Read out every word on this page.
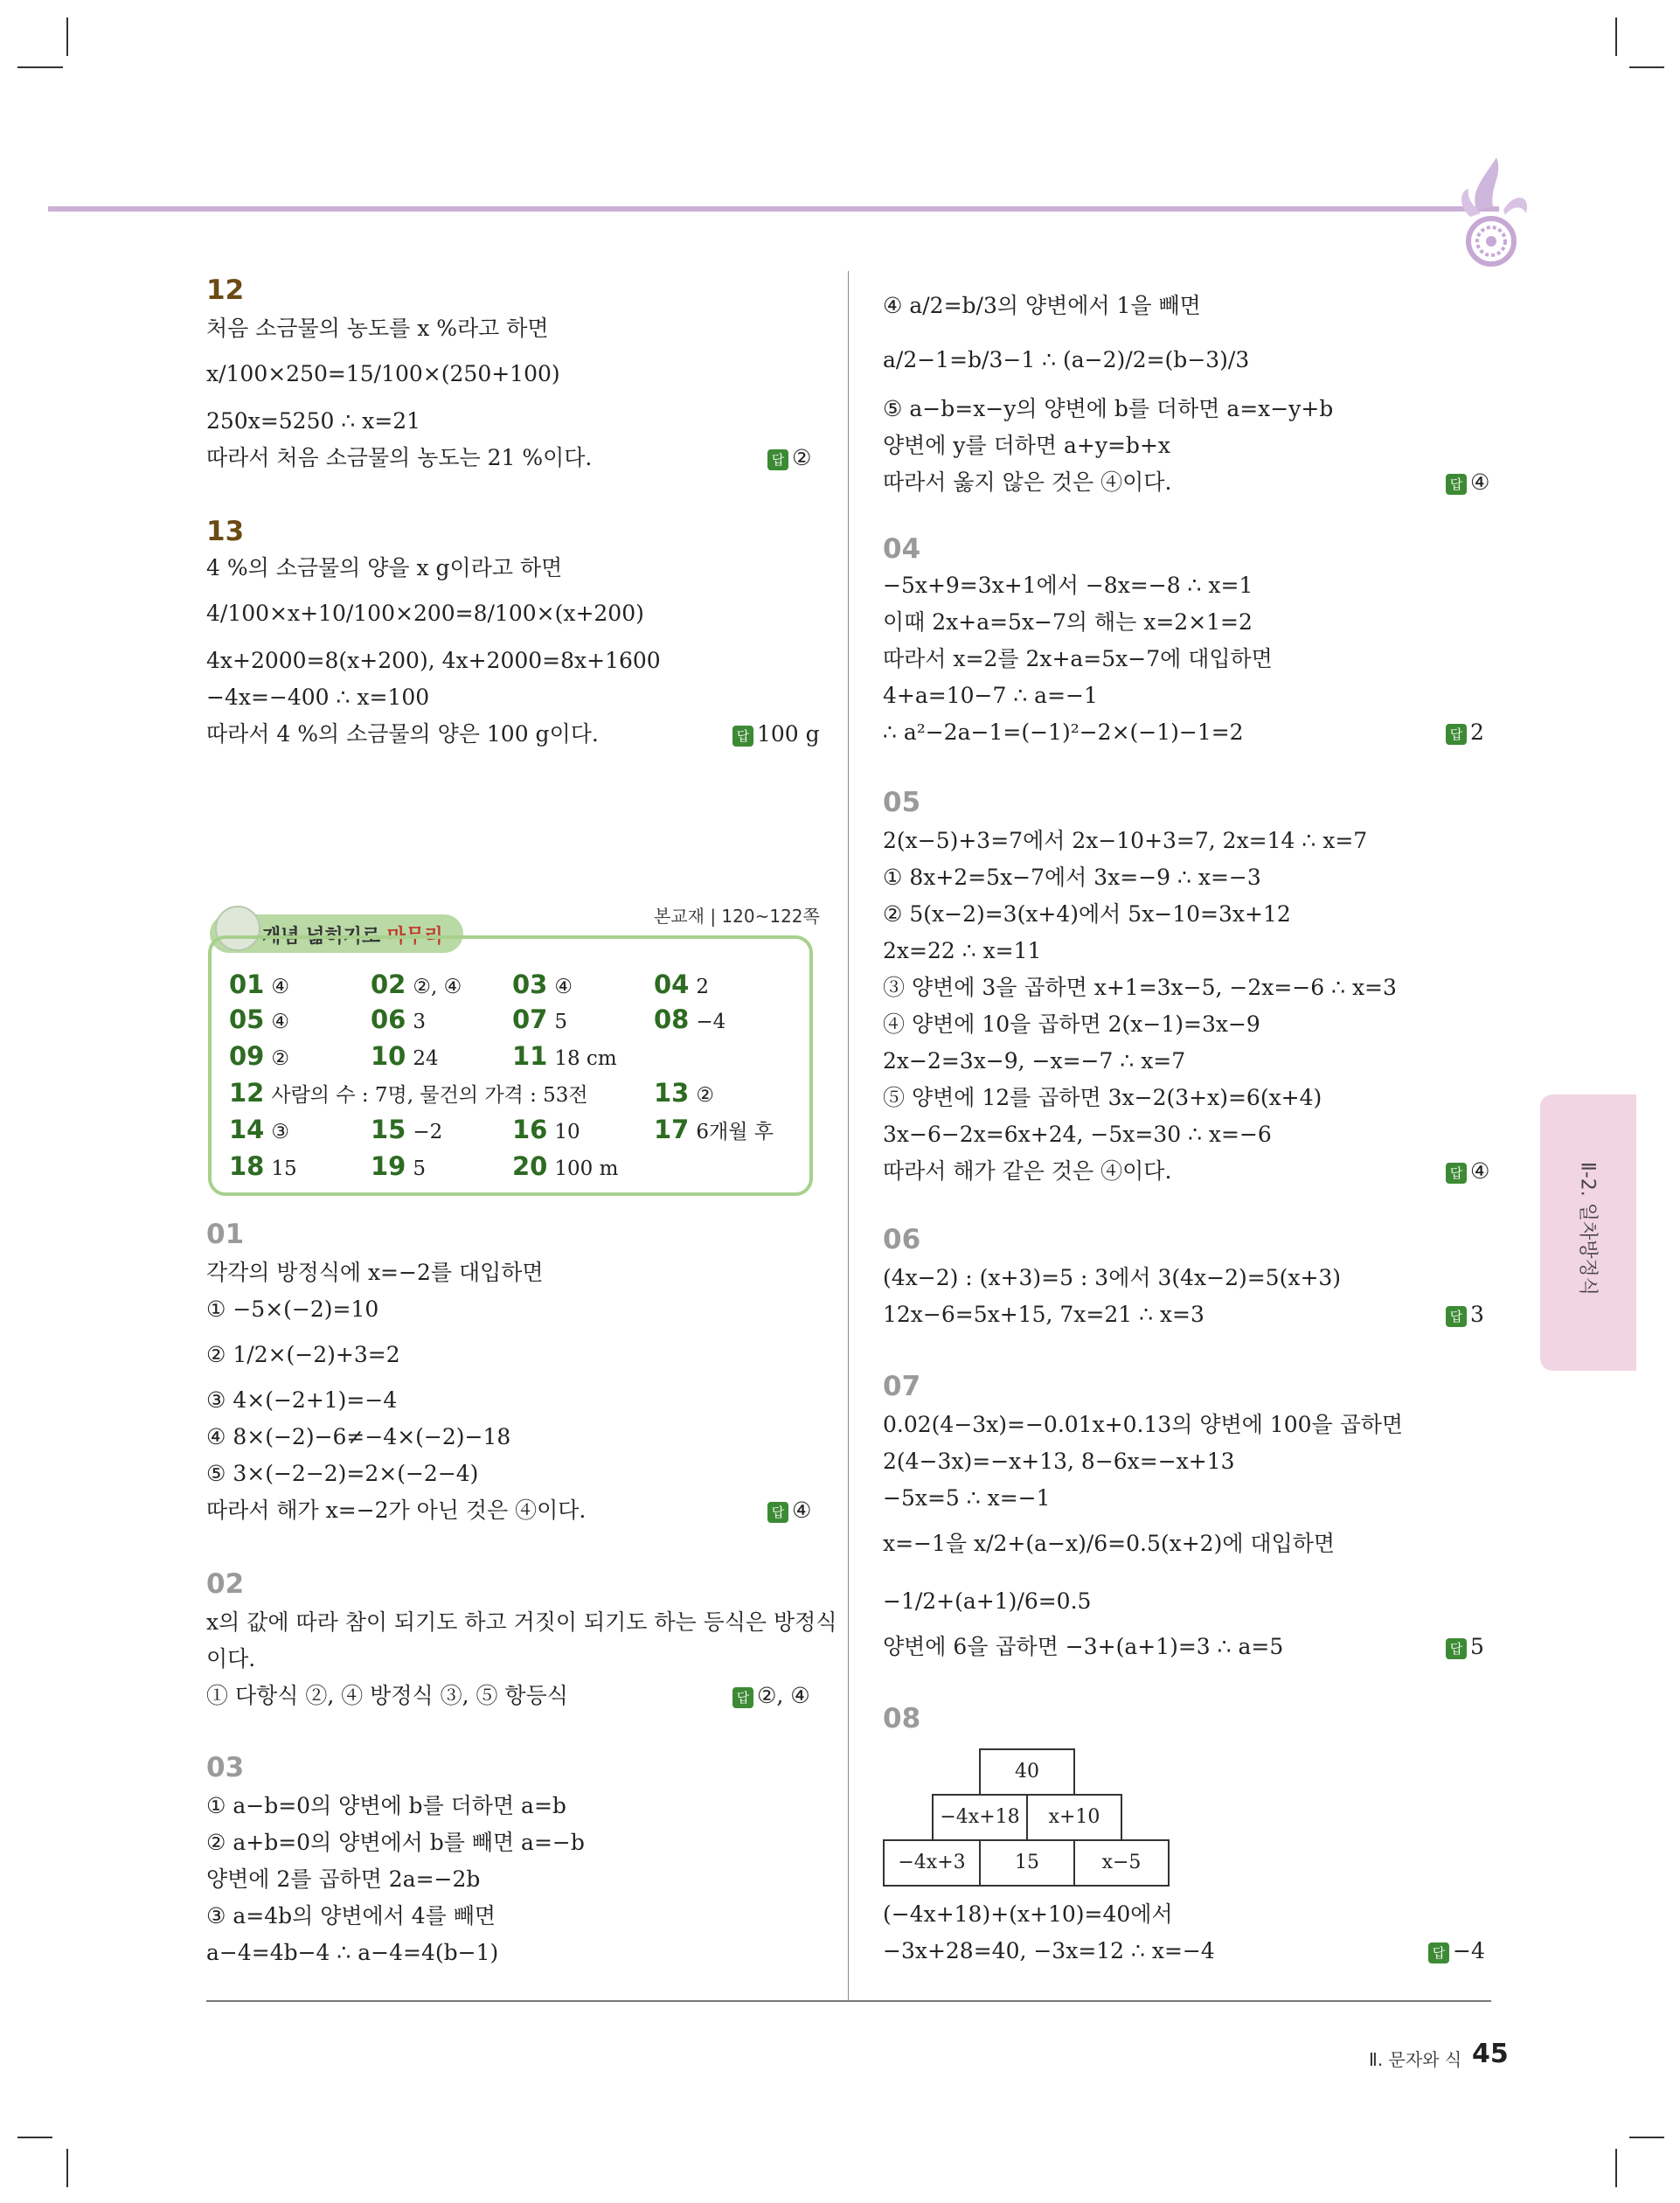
Ⅱ-2. 일차방정식
12
처음 소금물의 농도를 x %라고 하면
x/100×250=15/100×(250+100)
250x=5250 ∴ x=21
따라서 처음 소금물의 농도는 21 %이다.	답 ②
13
4 %의 소금물의 양을 x g이라고 하면
4/100×x+10/100×200=8/100×(x+200)
4x+2000=8(x+200), 4x+2000=8x+1600
−4x=−400 ∴ x=100
따라서 4 %의 소금물의 양은 100 g이다.	답 100 g
본교재 | 120~122쪽
개념 넓히기로 마무리
01 ④	02 ②, ④ 03 ④	04 2
05 ④	06 3	07 5	08 −4
09 ②	10 24	11 18 cm
12 사람의 수 : 7명, 물건의 가격 : 53전	13 ②
14 ③	15 −2	16 10	17 6개월 후
18 15	19 5	20 100 m
01
각각의 방정식에 x=−2를 대입하면
① −5×(−2)=10
② 1/2×(−2)+3=2
③ 4×(−2+1)=−4
④ 8×(−2)−6≠−4×(−2)−18
⑤ 3×(−2−2)=2×(−2−4)
따라서 해가 x=−2가 아닌 것은 ④이다.	답 ④
02
x의 값에 따라 참이 되기도 하고 거짓이 되기도 하는 등식은 방정식
이다.
① 다항식 ②, ④ 방정식 ③, ⑤ 항등식	답 ②, ④
03
① a−b=0의 양변에 b를 더하면 a=b
② a+b=0의 양변에서 b를 빼면 a=−b
양변에 2를 곱하면 2a=−2b
③ a=4b의 양변에서 4를 빼면
a−4=4b−4 ∴ a−4=4(b−1)
④ a/2=b/3의 양변에서 1을 빼면
a/2−1=b/3−1 ∴ (a−2)/2=(b−3)/3
⑤ a−b=x−y의 양변에 b를 더하면 a=x−y+b
양변에 y를 더하면 a+y=b+x
따라서 옳지 않은 것은 ④이다.	답 ④
04
−5x+9=3x+1에서 −8x=−8 ∴ x=1
이때 2x+a=5x−7의 해는 x=2×1=2
따라서 x=2를 2x+a=5x−7에 대입하면
4+a=10−7 ∴ a=−1
∴ a²−2a−1=(−1)²−2×(−1)−1=2	답 2
05
2(x−5)+3=7에서 2x−10+3=7, 2x=14 ∴ x=7
① 8x+2=5x−7에서 3x=−9 ∴ x=−3
② 5(x−2)=3(x+4)에서 5x−10=3x+12
2x=22 ∴ x=11
③ 양변에 3을 곱하면 x+1=3x−5, −2x=−6 ∴ x=3
④ 양변에 10을 곱하면 2(x−1)=3x−9
2x−2=3x−9, −x=−7 ∴ x=7
⑤ 양변에 12를 곱하면 3x−2(3+x)=6(x+4)
3x−6−2x=6x+24, −5x=30 ∴ x=−6
따라서 해가 같은 것은 ④이다.	답 ④
06
(4x−2) : (x+3)=5 : 3에서 3(4x−2)=5(x+3)
12x−6=5x+15, 7x=21 ∴ x=3	답 3
07
0.02(4−3x)=−0.01x+0.13의 양변에 100을 곱하면
2(4−3x)=−x+13, 8−6x=−x+13
−5x=5 ∴ x=−1
x=−1을 x/2+(a−x)/6=0.5(x+2)에 대입하면
−1/2+(a+1)/6=0.5
양변에 6을 곱하면 −3+(a+1)=3 ∴ a=5	답 5
08
40
−4x+18	x+10
−4x+3	15	x−5
(−4x+18)+(x+10)=40에서
−3x+28=40, −3x=12 ∴ x=−4	답 −4
Ⅱ. 문자와 식 45
